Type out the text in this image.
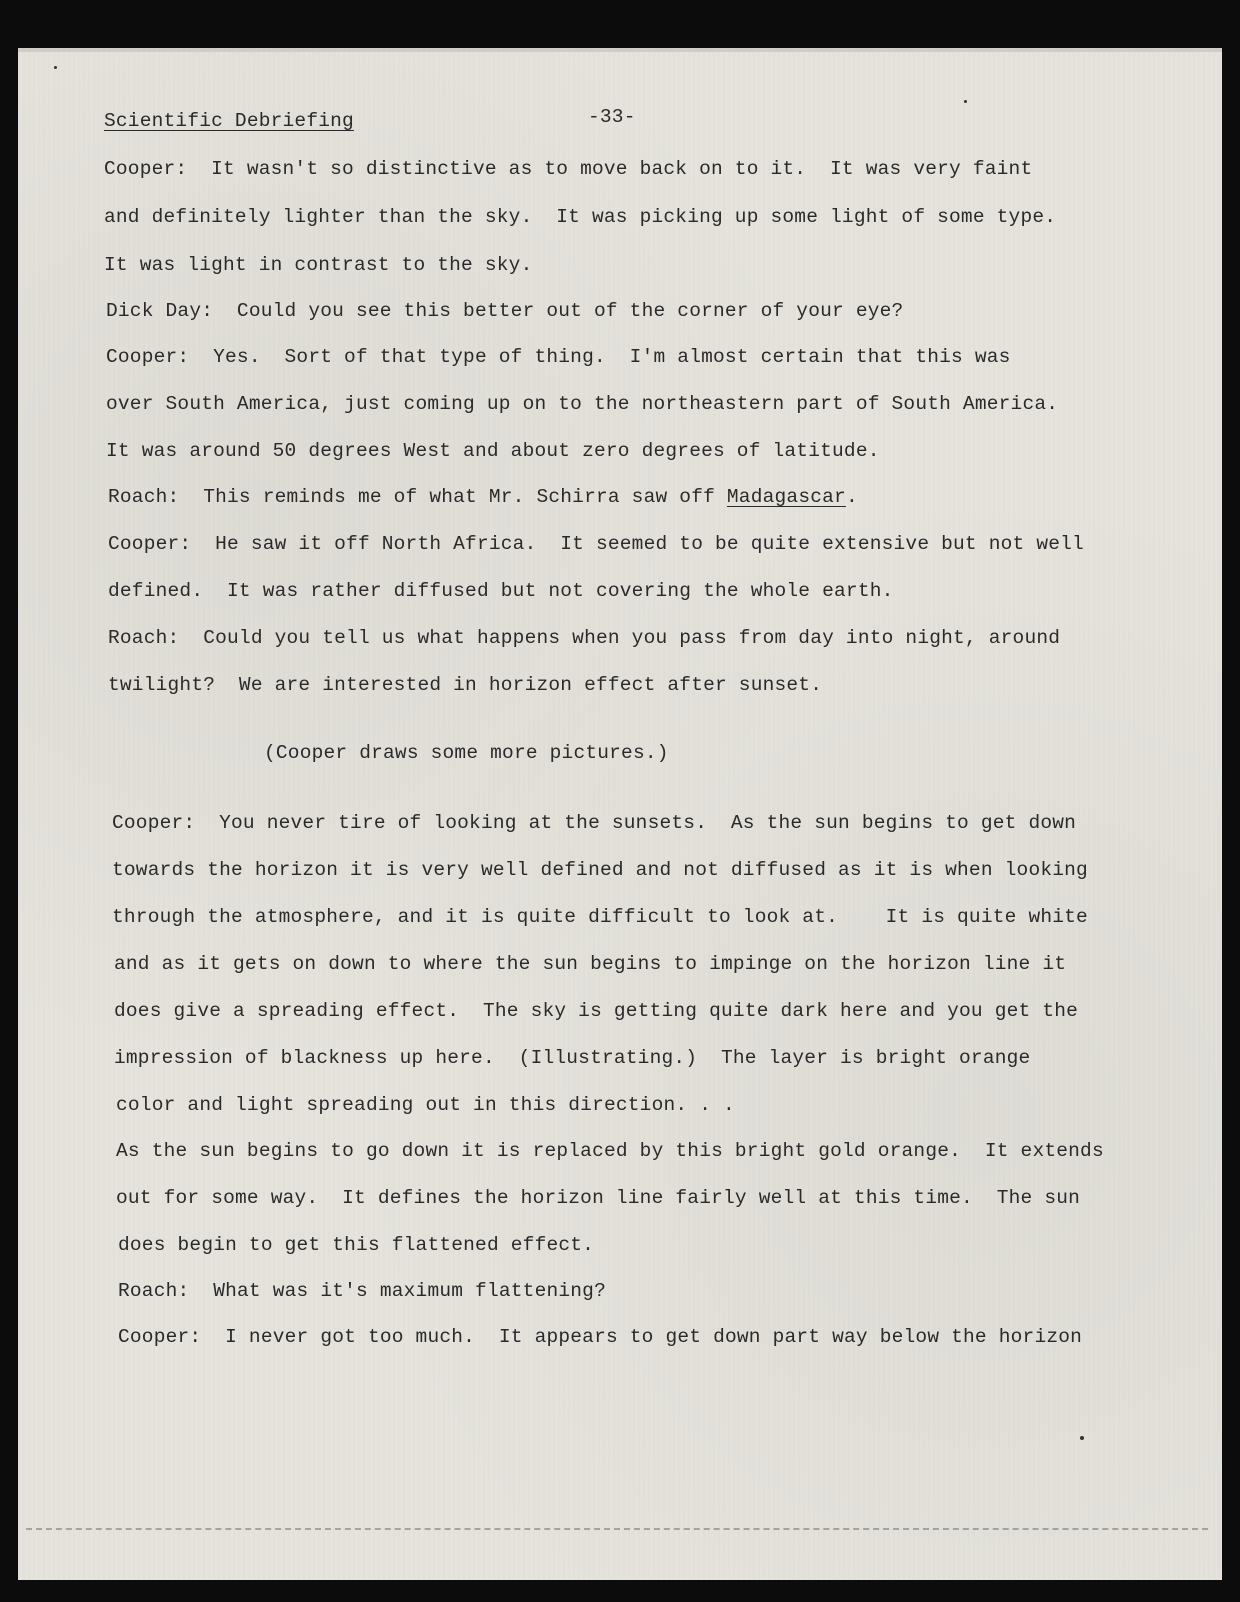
Scientific Debriefing

	-33-

Cooper:  It wasn't so distinctive as to move back on to it.  It was very faint

and definitely lighter than the sky.  It was picking up some light of some type.

It was light in contrast to the sky.

Dick Day:  Could you see this better out of the corner of your eye?

Cooper:  Yes.  Sort of that type of thing.  I'm almost certain that this was

over South America, just coming up on to the northeastern part of South America.

It was around 50 degrees West and about zero degrees of latitude.

Roach:  This reminds me of what Mr. Schirra saw off Madagascar.

Cooper:  He saw it off North Africa.  It seemed to be quite extensive but not well

defined.  It was rather diffused but not covering the whole earth.

Roach:  Could you tell us what happens when you pass from day into night, around

twilight?  We are interested in horizon effect after sunset.

(Cooper draws some more pictures.)

Cooper:  You never tire of looking at the sunsets.  As the sun begins to get down

towards the horizon it is very well defined and not diffused as it is when looking

through the atmosphere, and it is quite difficult to look at.    It is quite white

and as it gets on down to where the sun begins to impinge on the horizon line it

does give a spreading effect.  The sky is getting quite dark here and you get the

impression of blackness up here.  (Illustrating.)  The layer is bright orange

color and light spreading out in this direction. . .

As the sun begins to go down it is replaced by this bright gold orange.  It extends

out for some way.  It defines the horizon line fairly well at this time.  The sun

does begin to get this flattened effect.

Roach:  What was it's maximum flattening?

Cooper:  I never got too much.  It appears to get down part way below the horizon
